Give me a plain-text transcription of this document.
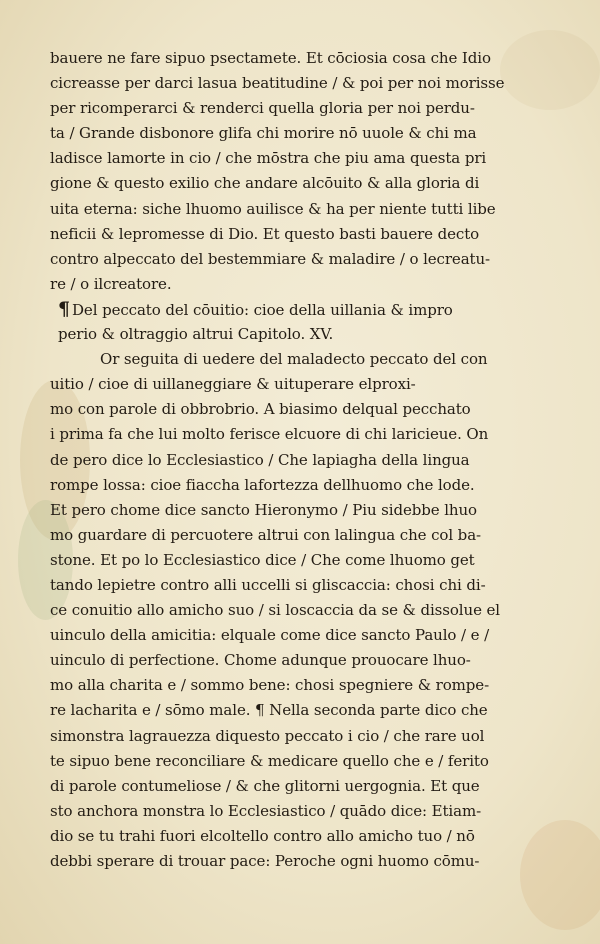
bauere ne fare sipuo psectamete. Et cōciosia cosa che Idio
cicreasse per darci lasua beatitudine / & poi per noi morisse
per ricomperarci & renderci quella gloria per noi perdu-
ta / Grande disbonore glifa chi morire nō uuole & chi ma
ladisce lamorte in cio / che mōstra che piu ama questa pri
gione & questo exilio che andare alcōuito & alla gloria di
uita eterna: siche lhuomo auilisce & ha per niente tutti libe
neficii & lepromesse di Dio. Et questo basti bauere decto
contro alpeccato del bestemmiare & maladire / o lecreatu-
re / o ilcreatore.
¶ Del peccato del cōuitio: cioe della uillania & impro
perio & oltraggio altrui Capitolo. XV.
Or seguita di uedere del maladecto peccato del con
uitio / cioe di uillaneggiare & uituperare elproxi-
mo con parole di obbrobrio. A biasimo delqual pecchato
i prima fa che lui molto ferisce elcuore di chi laricieue. On
de pero dice lo Ecclesiastico / Che lapiagha della lingua
rompe lossa: cioe fiaccha lafortezza dellhuomo che lode.
Et pero chome dice sancto Hieronymo / Piu sidebbe lhuo
mo guardare di percuotere altrui con lalingua che col ba-
stone. Et po lo Ecclesiastico dice / Che come lhuomo get
tando lepietre contro alli uccelli si gliscaccia: chosi chi di-
ce conuitio allo amicho suo / si loscaccia da se & dissolue el
uinculo della amicitia: elquale come dice sancto Paulo / e /
uinculo di perfectione. Chome adunque prouocare lhuo-
mo alla charita e / sommo bene: chosi spegniere & rompe-
re lacharita e / sōmo male. ¶ Nella seconda parte dico che
simonstra lagrauezza diquesto peccato i cio / che rare uol
te sipuo bene reconciliare & medicare quello che e / ferito
di parole contumeliose / & che glitorni uergognia. Et que
sto anchora monstra lo Ecclesiastico / quādo dice: Etiam-
dio se tu trahi fuori elcoltello contro allo amicho tuo / nō
debbi sperare di trouar pace: Peroche ogni huomo cōmu-
